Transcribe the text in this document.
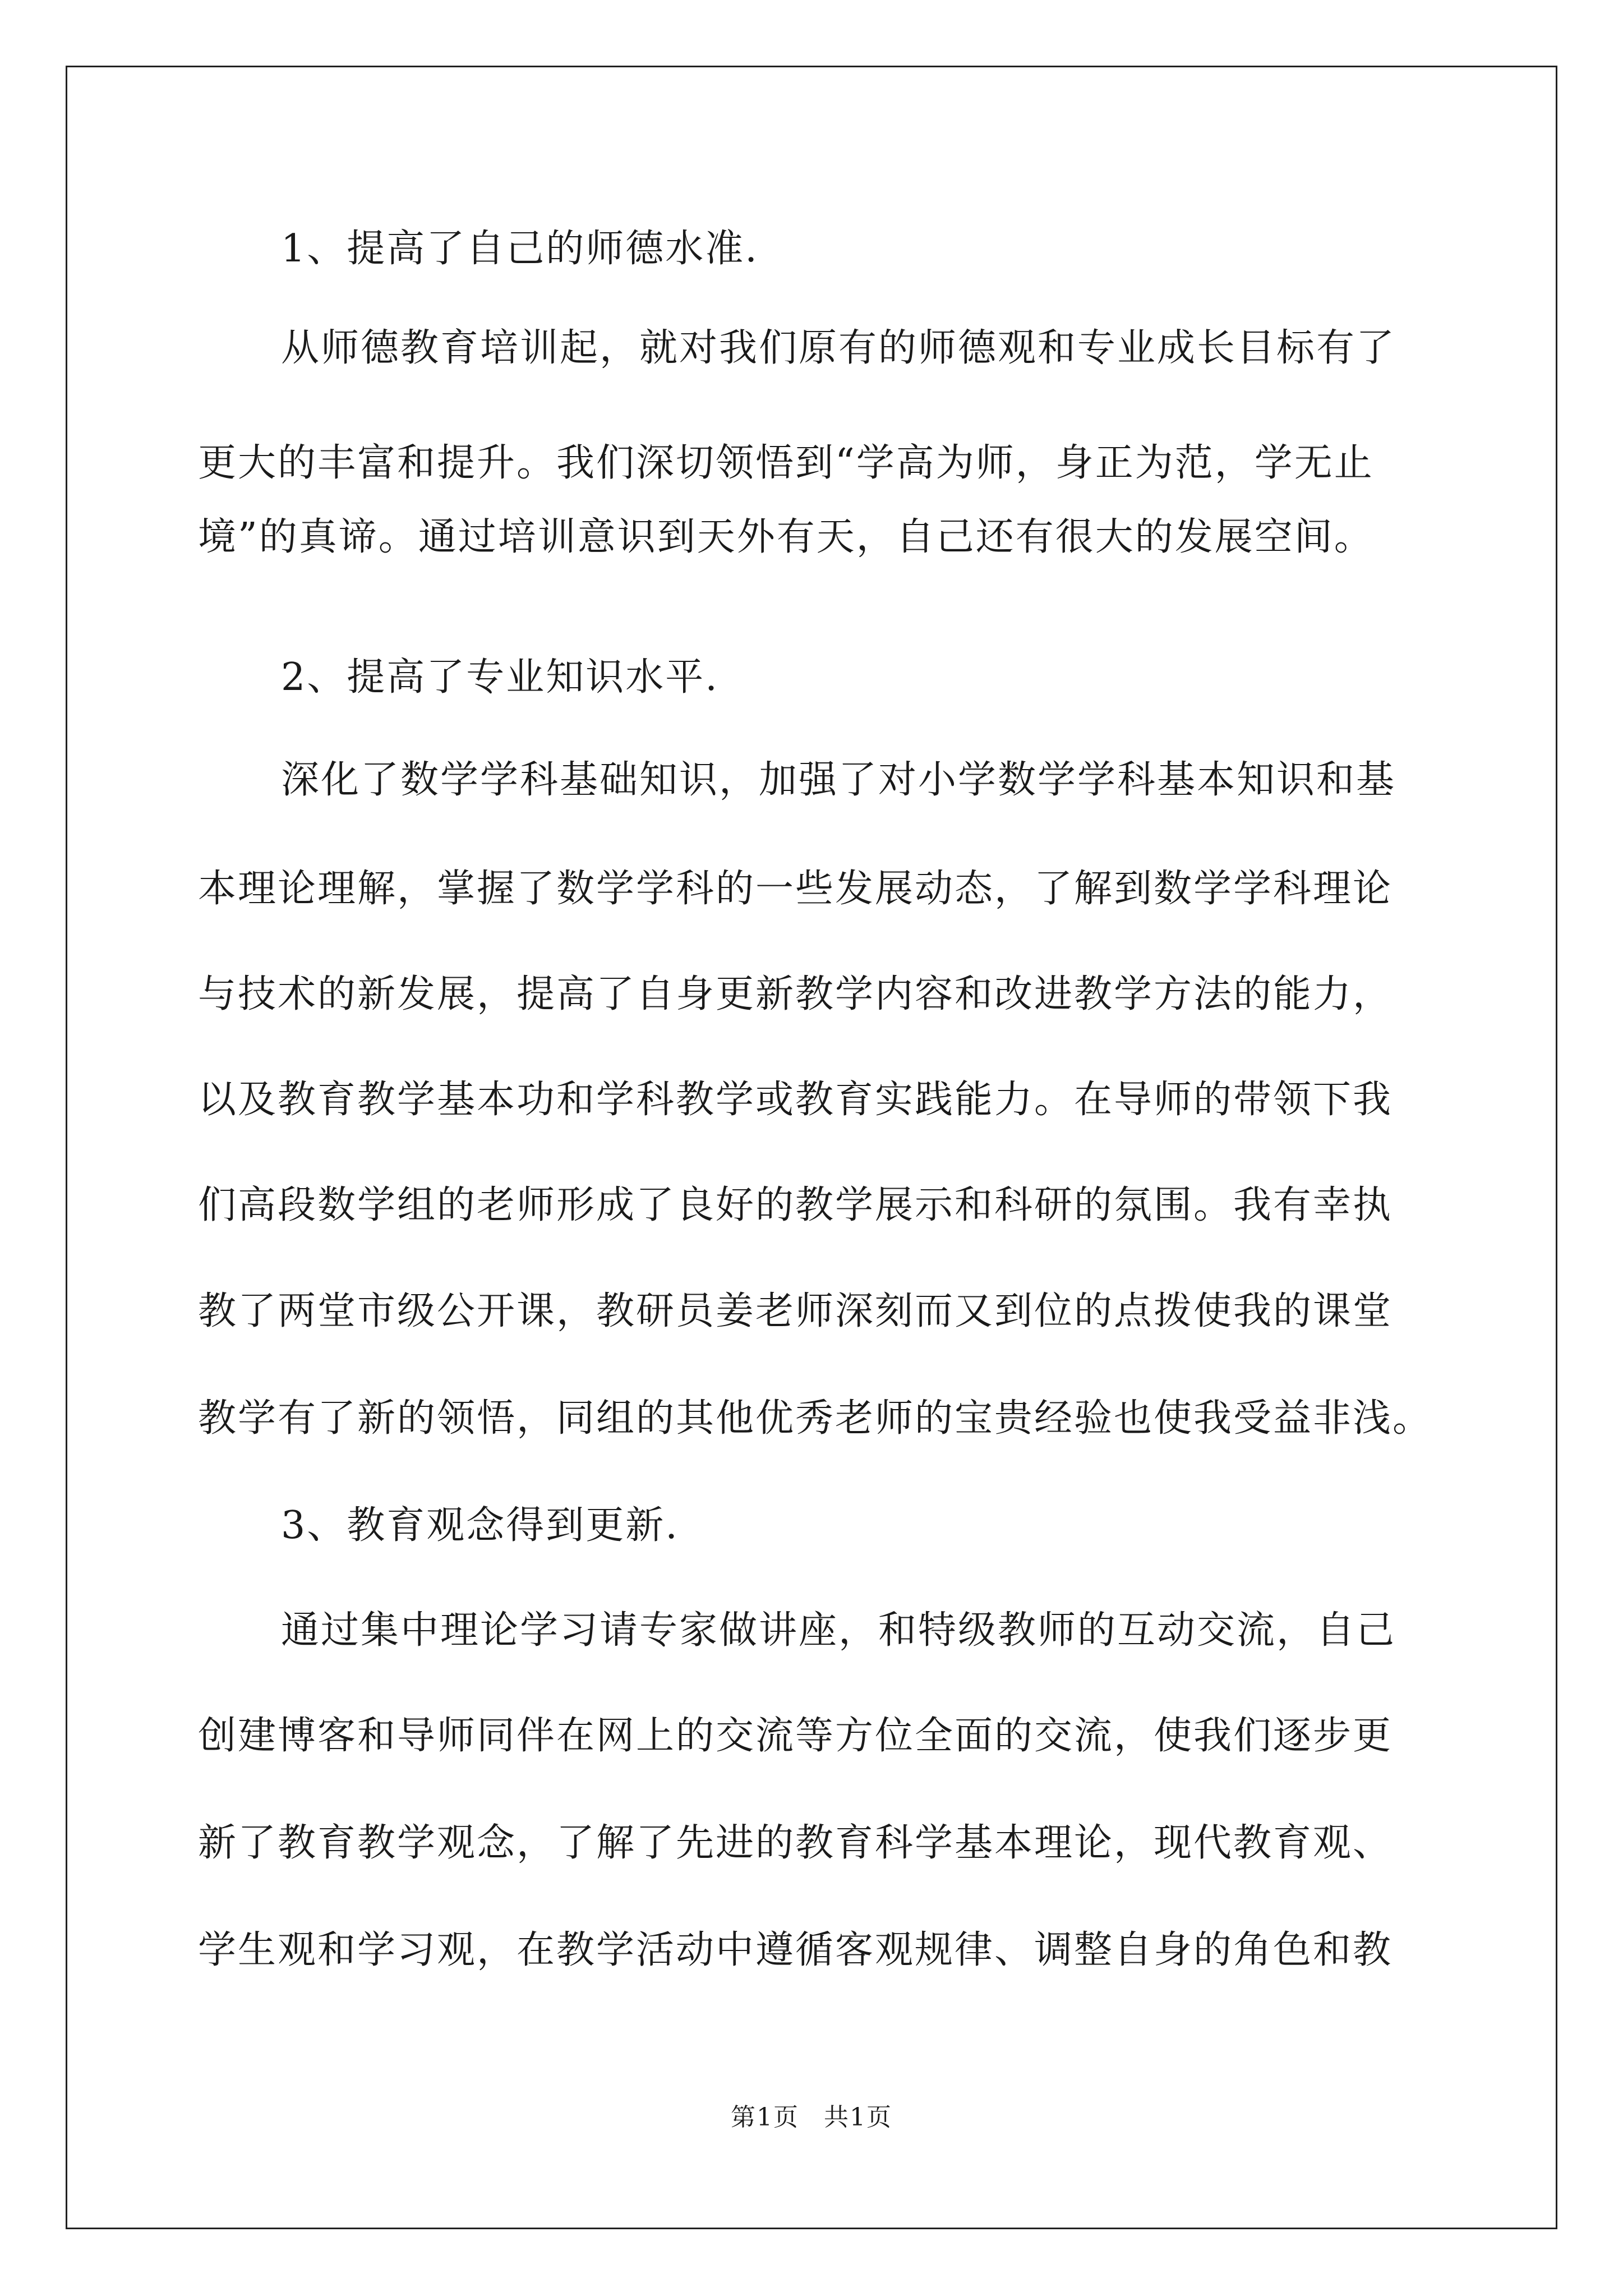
1、提高了自己的师德水准.
从师德教育培训起，就对我们原有的师德观和专业成长目标有了
更大的丰富和提升。我们深切领悟到“学高为师，身正为范，学无止
境”的真谛。通过培训意识到天外有天，自己还有很大的发展空间。
2、提高了专业知识水平.
深化了数学学科基础知识，加强了对小学数学学科基本知识和基
本理论理解，掌握了数学学科的一些发展动态，了解到数学学科理论
与技术的新发展，提高了自身更新教学内容和改进教学方法的能力，
以及教育教学基本功和学科教学或教育实践能力。在导师的带领下我
们高段数学组的老师形成了良好的教学展示和科研的氛围。我有幸执
教了两堂市级公开课，教研员姜老师深刻而又到位的点拨使我的课堂
教学有了新的领悟，同组的其他优秀老师的宝贵经验也使我受益非浅。
3、教育观念得到更新.
通过集中理论学习请专家做讲座，和特级教师的互动交流，自己
创建博客和导师同伴在网上的交流等方位全面的交流，使我们逐步更
新了教育教学观念，了解了先进的教育科学基本理论，现代教育观、
学生观和学习观，在教学活动中遵循客观规律、调整自身的角色和教
第1页 共1页
